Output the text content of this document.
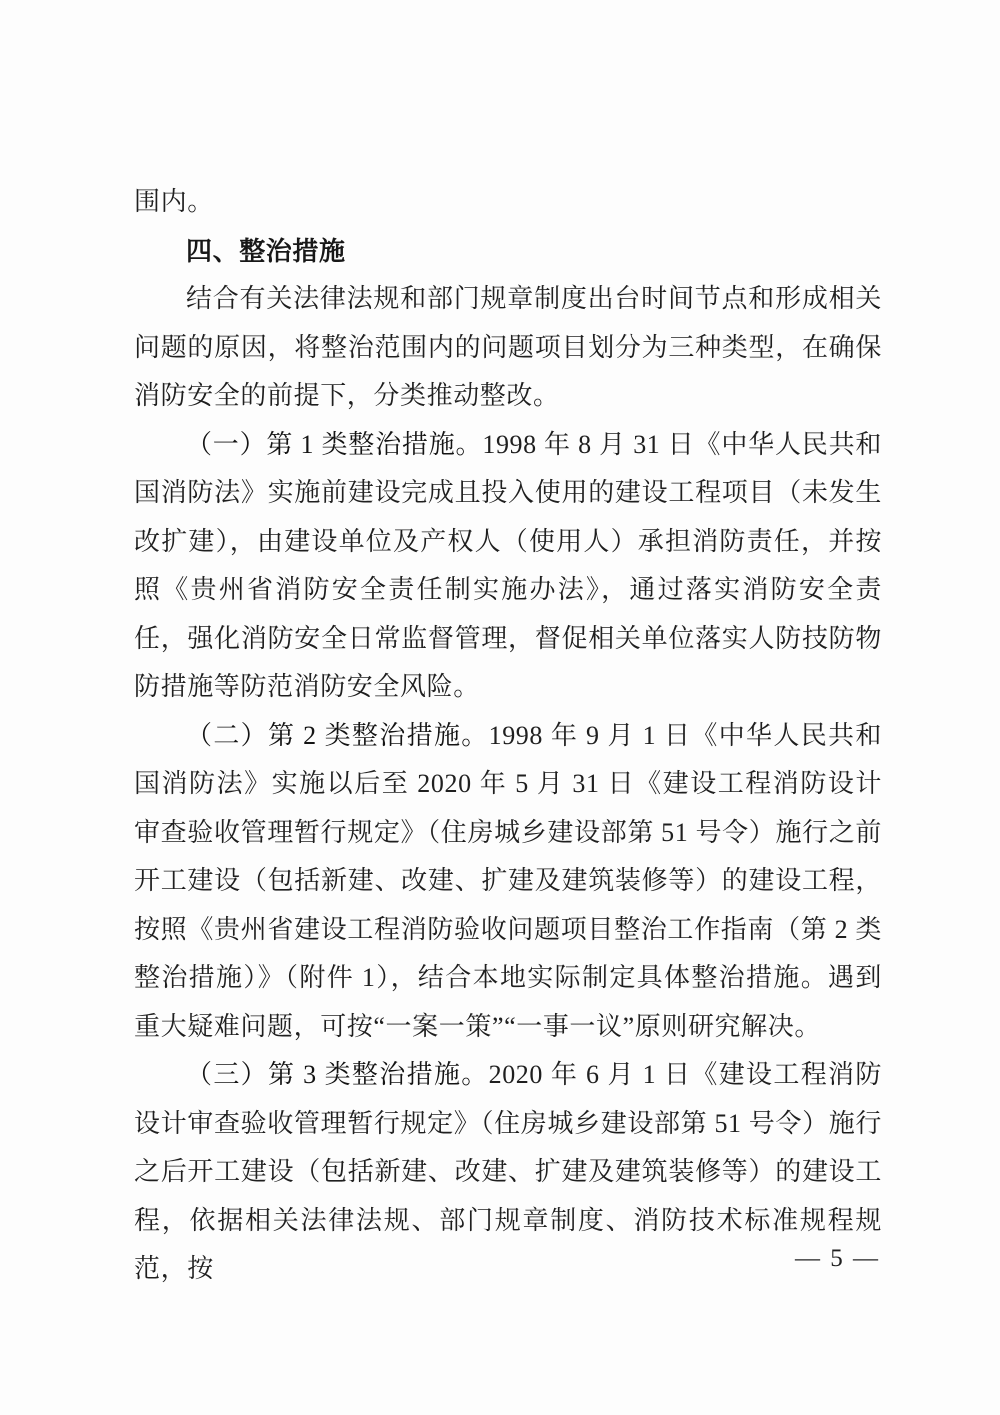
围内。

四、整治措施

结合有关法律法规和部门规章制度出台时间节点和形成相关问题的原因，将整治范围内的问题项目划分为三种类型，在确保消防安全的前提下，分类推动整改。

（一）第 1 类整治措施。1998 年 8 月 31 日《中华人民共和国消防法》实施前建设完成且投入使用的建设工程项目（未发生改扩建），由建设单位及产权人（使用人）承担消防责任，并按照《贵州省消防安全责任制实施办法》，通过落实消防安全责任，强化消防安全日常监督管理，督促相关单位落实人防技防物防措施等防范消防安全风险。

（二）第 2 类整治措施。1998 年 9 月 1 日《中华人民共和国消防法》实施以后至 2020 年 5 月 31 日《建设工程消防设计审查验收管理暂行规定》（住房城乡建设部第 51 号令）施行之前开工建设（包括新建、改建、扩建及建筑装修等）的建设工程，按照《贵州省建设工程消防验收问题项目整治工作指南（第 2 类整治措施）》（附件 1），结合本地实际制定具体整治措施。遇到重大疑难问题，可按“一案一策”“一事一议”原则研究解决。

（三）第 3 类整治措施。2020 年 6 月 1 日《建设工程消防设计审查验收管理暂行规定》（住房城乡建设部第 51 号令）施行之后开工建设（包括新建、改建、扩建及建筑装修等）的建设工程，依据相关法律法规、部门规章制度、消防技术标准规程规范，按	— 5 —
